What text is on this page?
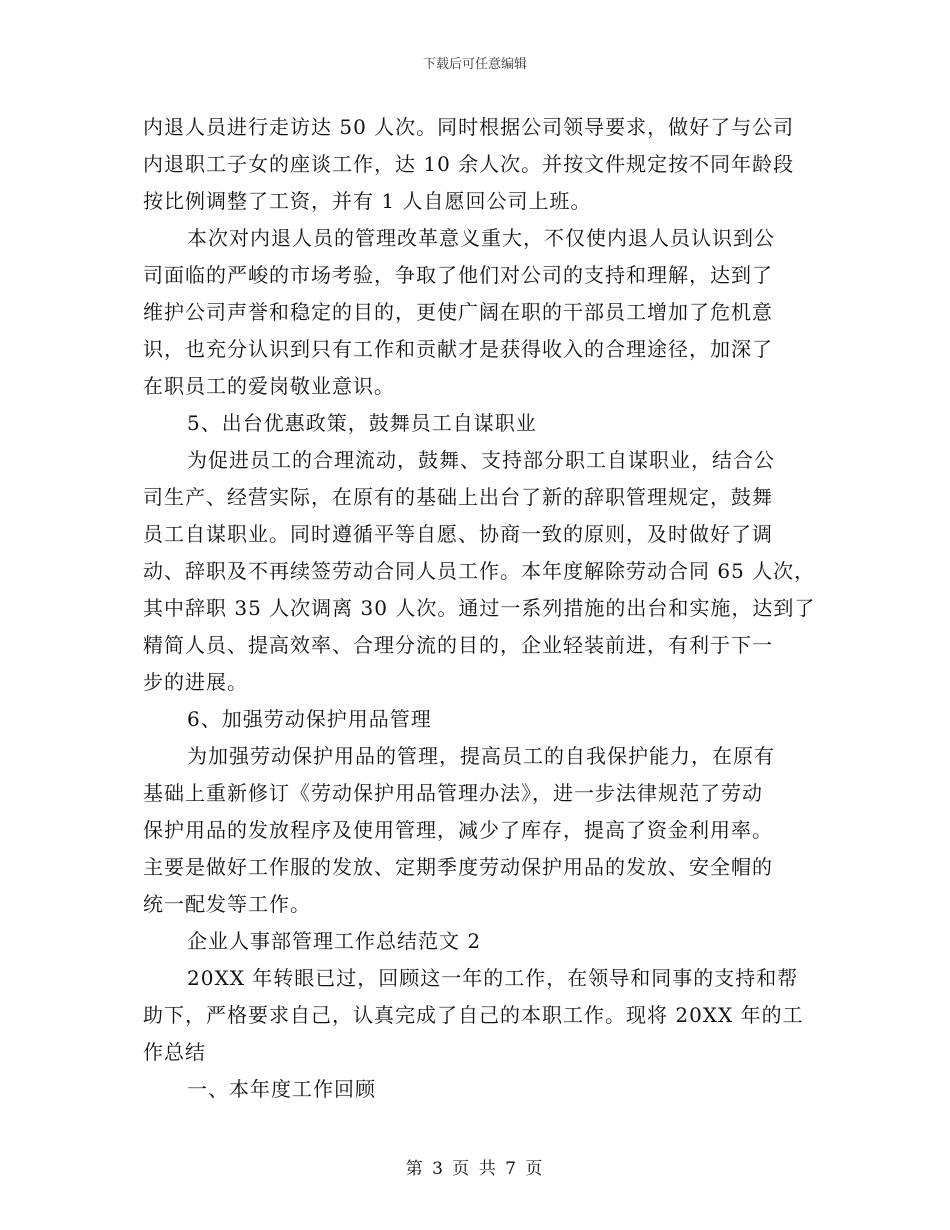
下载后可任意编辑
内退人员进行走访达 50 人次。同时根据公司领导要求，做好了与公司
内退职工子女的座谈工作，达 10 余人次。并按文件规定按不同年龄段
按比例调整了工资，并有 1 人自愿回公司上班。
本次对内退人员的管理改革意义重大，不仅使内退人员认识到公
司面临的严峻的市场考验，争取了他们对公司的支持和理解，达到了
维护公司声誉和稳定的目的，更使广阔在职的干部员工增加了危机意
识，也充分认识到只有工作和贡献才是获得收入的合理途径，加深了
在职员工的爱岗敬业意识。
5、出台优惠政策，鼓舞员工自谋职业
为促进员工的合理流动，鼓舞、支持部分职工自谋职业，结合公
司生产、经营实际，在原有的基础上出台了新的辞职管理规定，鼓舞
员工自谋职业。同时遵循平等自愿、协商一致的原则，及时做好了调
动、辞职及不再续签劳动合同人员工作。本年度解除劳动合同 65 人次，
其中辞职 35 人次调离 30 人次。通过一系列措施的出台和实施，达到了
精简人员、提高效率、合理分流的目的，企业轻装前进，有利于下一
步的进展。
6、加强劳动保护用品管理
为加强劳动保护用品的管理，提高员工的自我保护能力，在原有
基础上重新修订《劳动保护用品管理办法》，进一步法律规范了劳动
保护用品的发放程序及使用管理，减少了库存，提高了资金利用率。
主要是做好工作服的发放、定期季度劳动保护用品的发放、安全帽的
统一配发等工作。
企业人事部管理工作总结范文 2
20XX 年转眼已过，回顾这一年的工作，在领导和同事的支持和帮
助下，严格要求自己，认真完成了自己的本职工作。现将 20XX 年的工
作总结
一、本年度工作回顾
第 3 页 共 7 页
